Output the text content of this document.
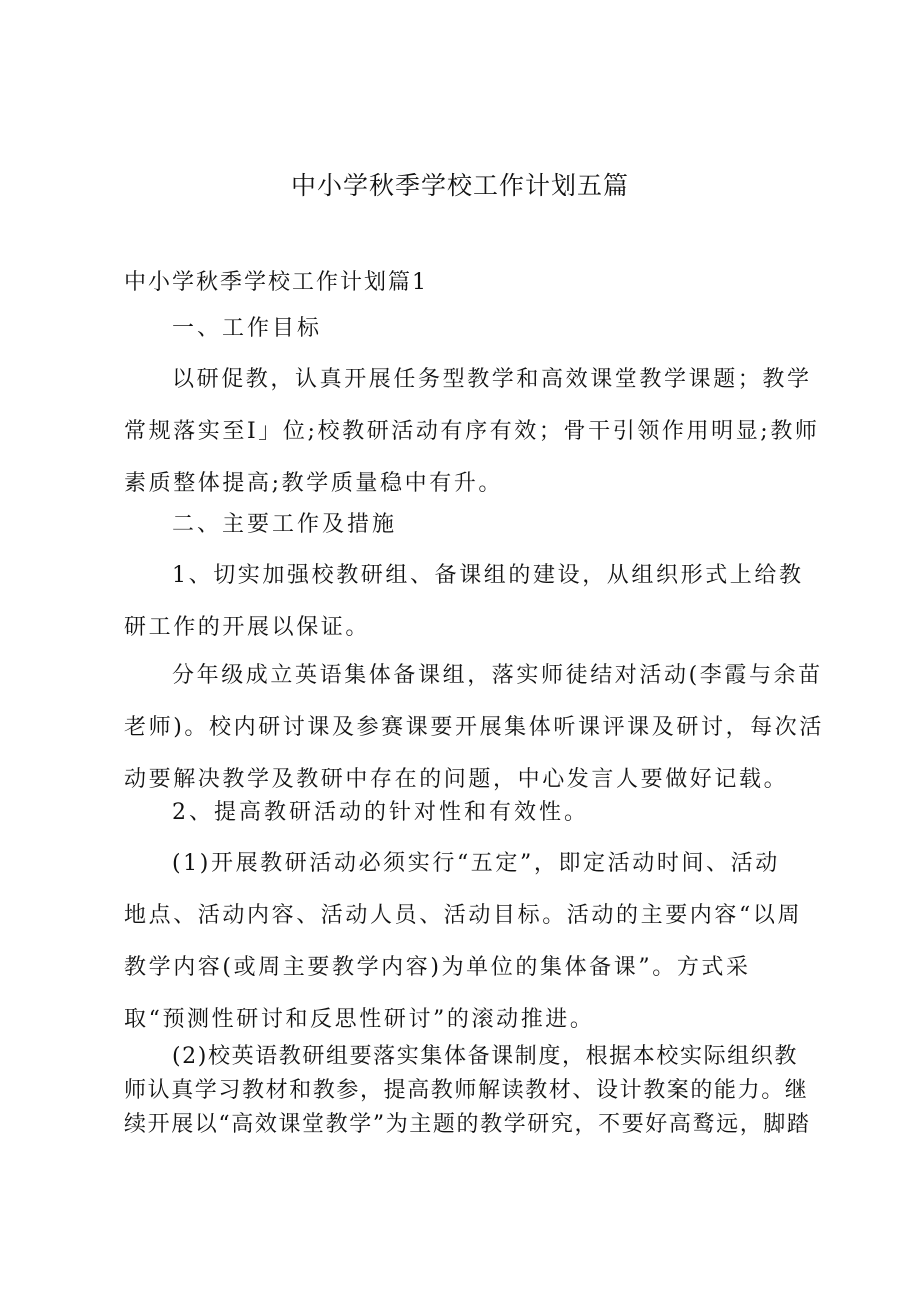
中小学秋季学校工作计划五篇
中小学秋季学校工作计划篇1
一、工作目标

以研促教，认真开展任务型教学和高效课堂教学课题；教学常规落实至I」位;校教研活动有序有效；骨干引领作用明显;教师素质整体提高;教学质量稳中有升。

二、主要工作及措施

1、切实加强校教研组、备课组的建设，从组织形式上给教研工作的开展以保证。

分年级成立英语集体备课组，落实师徒结对活动(李霞与余苗老师)。校内研讨课及参赛课要开展集体听课评课及研讨，每次活动要解决教学及教研中存在的问题，中心发言人要做好记载。

2、提高教研活动的针对性和有效性。

(1)开展教研活动必须实行“五定”，即定活动时间、活动地点、活动内容、活动人员、活动目标。活动的主要内容“以周教学内容(或周主要教学内容)为单位的集体备课”。方式采取“预测性研讨和反思性研讨”的滚动推进。

(2)校英语教研组要落实集体备课制度，根据本校实际组织教师认真学习教材和教参，提高教师解读教材、设计教案的能力。继续开展以“高效课堂教学”为主题的教学研究，不要好高鹜远，脚踏
